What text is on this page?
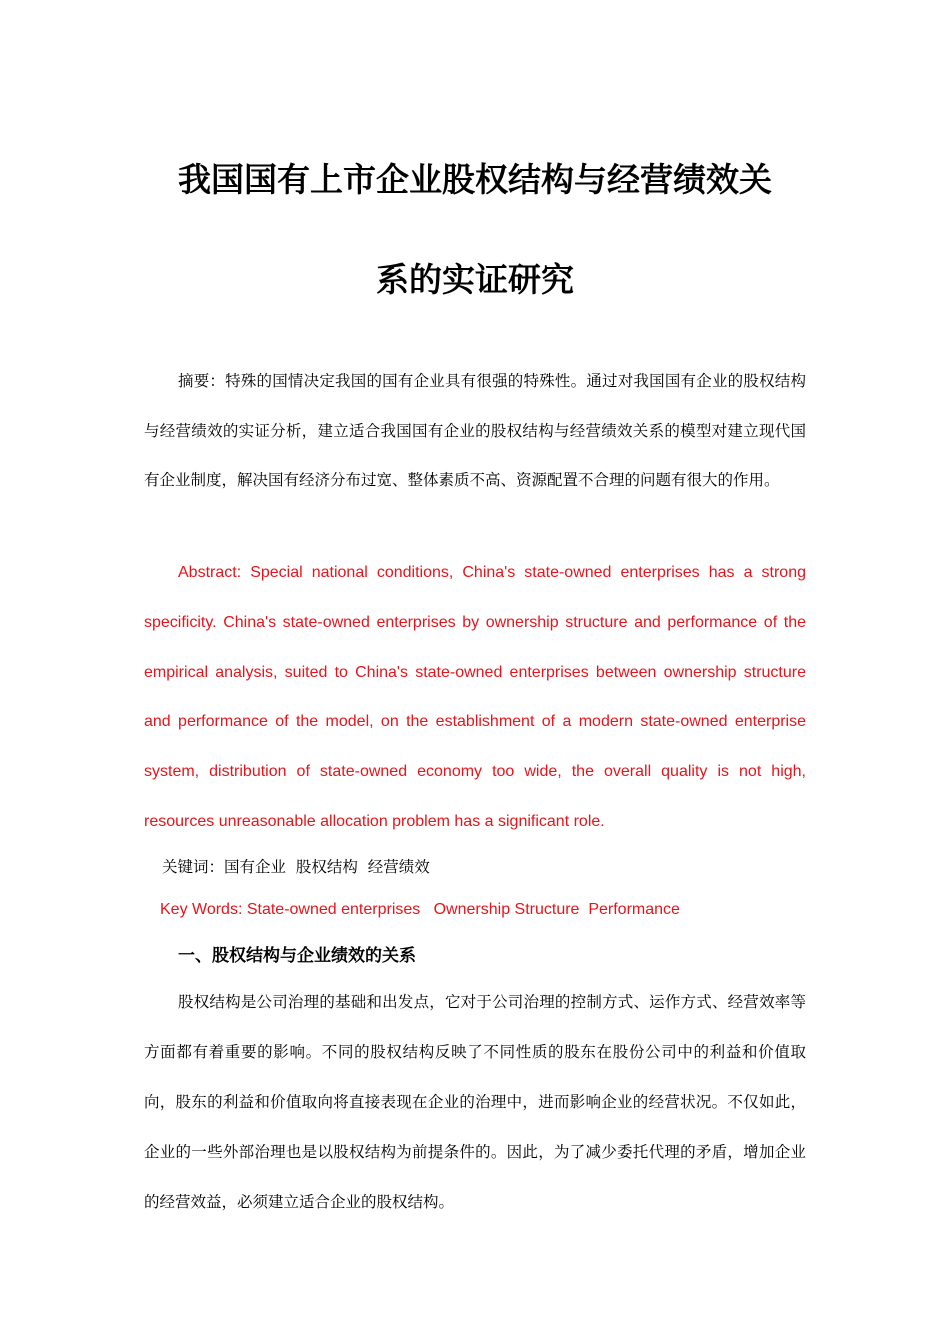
我国国有上市企业股权结构与经营绩效关
系的实证研究

摘要：特殊的国情决定我国的国有企业具有很强的特殊性。通过对我国国有企业的股权结构与经营绩效的实证分析，建立适合我国国有企业的股权结构与经营绩效关系的模型对建立现代国有企业制度，解决国有经济分布过宽、整体素质不高、资源配置不合理的问题有很大的作用。

Abstract: Special national conditions, China's state-owned enterprises has a strong specificity. China's state-owned enterprises by ownership structure and performance of the empirical analysis, suited to China's state-owned enterprises between ownership structure and performance of the model, on the establishment of a modern state-owned enterprise system, distribution of state-owned economy too wide, the overall quality is not high, resources unreasonable allocation problem has a significant role.

关键词：国有企业  股权结构  经营绩效
Key Words: State-owned enterprises   Ownership Structure  Performance
一、股权结构与企业绩效的关系

股权结构是公司治理的基础和出发点，它对于公司治理的控制方式、运作方式、经营效率等方面都有着重要的影响。不同的股权结构反映了不同性质的股东在股份公司中的利益和价值取向，股东的利益和价值取向将直接表现在企业的治理中，进而影响企业的经营状况。不仅如此，企业的一些外部治理也是以股权结构为前提条件的。因此，为了减少委托代理的矛盾，增加企业的经营效益，必须建立适合企业的股权结构。
